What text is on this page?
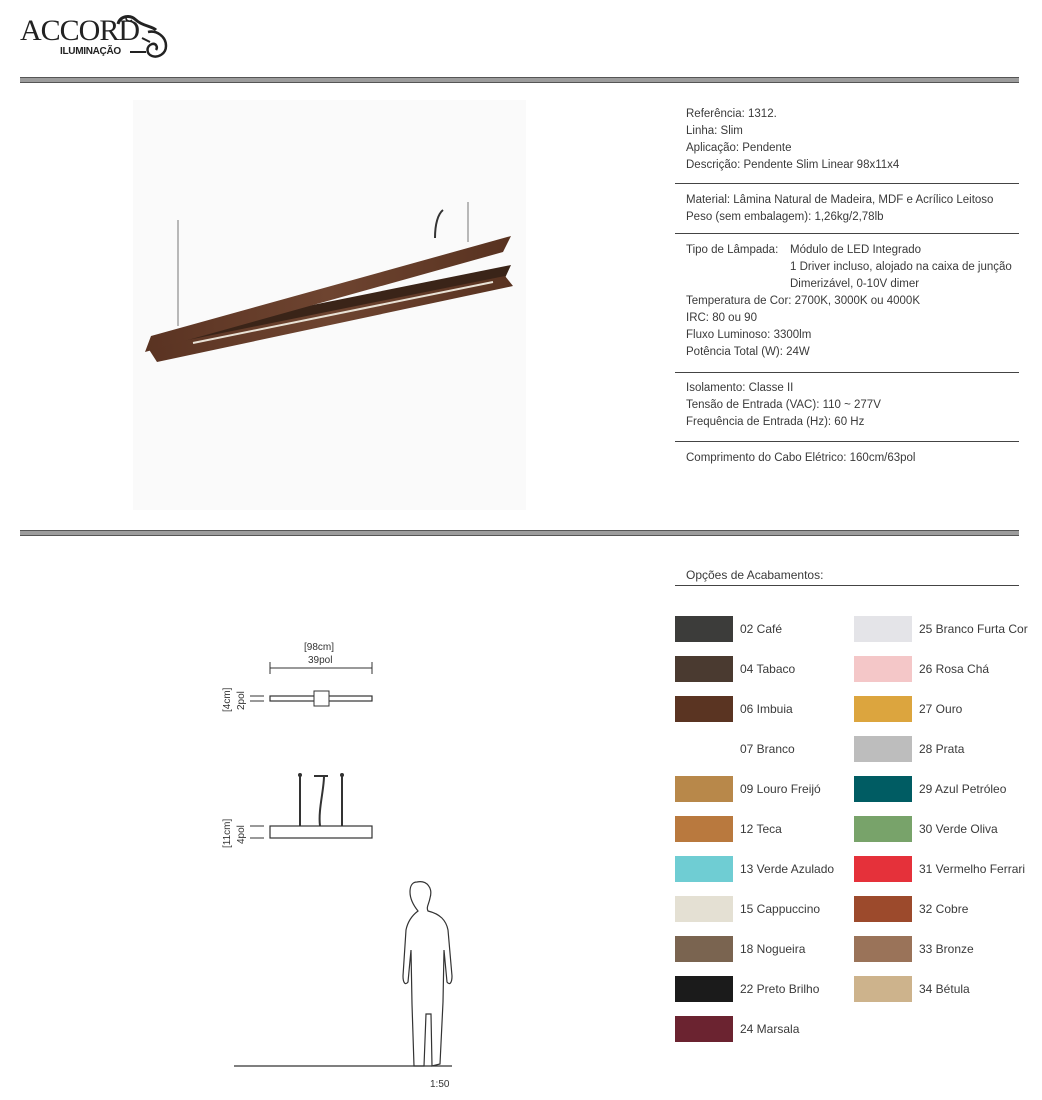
ACCORD
ILUMINAÇÃO
Referência: 1312.
Linha: Slim
Aplicação: Pendente
Descrição: Pendente Slim Linear 98x11x4
Material: Lâmina Natural de Madeira, MDF e Acrílico Leitoso
Peso (sem embalagem): 1,26kg/2,78lb
Tipo de Lâmpada:	Módulo de LED Integrado
1 Driver incluso, alojado na caixa de junção
Dimerizável, 0-10V dimer
Temperatura de Cor: 2700K, 3000K ou 4000K
IRC: 80 ou 90
Fluxo Luminoso: 3300lm
Potência Total (W): 24W
Isolamento: Classe II
Tensão de Entrada (VAC): 110 ~ 277V
Frequência de Entrada (Hz): 60 Hz
Comprimento do Cabo Elétrico: 160cm/63pol
[98cm]
39pol
[4cm] 2pol
[11cm] 4pol
1:50
Opções de Acabamentos:
02 Café
04 Tabaco
06 Imbuia
07 Branco
09 Louro Freijó
12 Teca
13 Verde Azulado
15 Cappuccino
18 Nogueira
22 Preto Brilho
24 Marsala
25 Branco Furta Cor
26 Rosa Chá
27 Ouro
28 Prata
29 Azul Petróleo
30 Verde Oliva
31 Vermelho Ferrari
32 Cobre
33 Bronze
34 Bétula
